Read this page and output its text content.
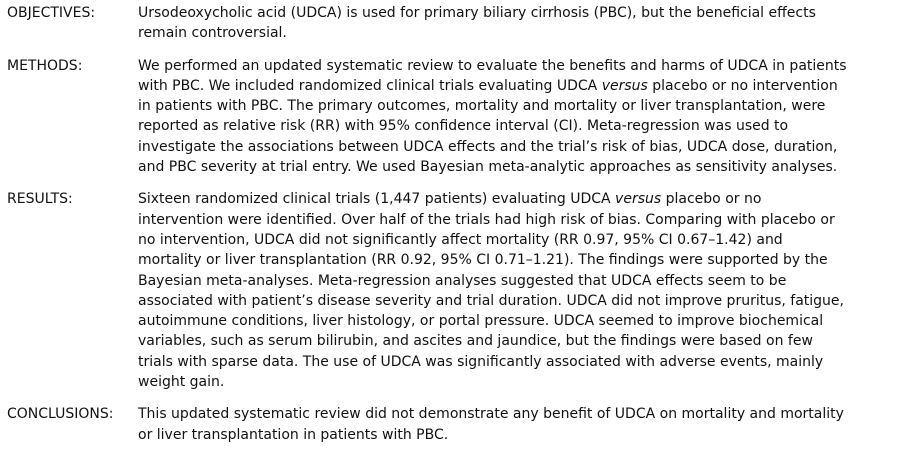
OBJECTIVES:	Ursodeoxycholic acid (UDCA) is used for primary biliary cirrhosis (PBC), but the beneficial effects
remain controversial.
METHODS:	We performed an updated systematic review to evaluate the benefits and harms of UDCA in patients
with PBC. We included randomized clinical trials evaluating UDCA versus placebo or no intervention
in patients with PBC. The primary outcomes, mortality and mortality or liver transplantation, were
reported as relative risk (RR) with 95% confidence interval (CI). Meta-regression was used to
investigate the associations between UDCA effects and the trial’s risk of bias, UDCA dose, duration,
and PBC severity at trial entry. We used Bayesian meta-analytic approaches as sensitivity analyses.
RESULTS:	Sixteen randomized clinical trials (1,447 patients) evaluating UDCA versus placebo or no
intervention were identified. Over half of the trials had high risk of bias. Comparing with placebo or
no intervention, UDCA did not significantly affect mortality (RR 0.97, 95% CI 0.67–1.42) and
mortality or liver transplantation (RR 0.92, 95% CI 0.71–1.21). The findings were supported by the
Bayesian meta-analyses. Meta-regression analyses suggested that UDCA effects seem to be
associated with patient’s disease severity and trial duration. UDCA did not improve pruritus, fatigue,
autoimmune conditions, liver histology, or portal pressure. UDCA seemed to improve biochemical
variables, such as serum bilirubin, and ascites and jaundice, but the findings were based on few
trials with sparse data. The use of UDCA was significantly associated with adverse events, mainly
weight gain.
CONCLUSIONS:	This updated systematic review did not demonstrate any benefit of UDCA on mortality and mortality
or liver transplantation in patients with PBC.
